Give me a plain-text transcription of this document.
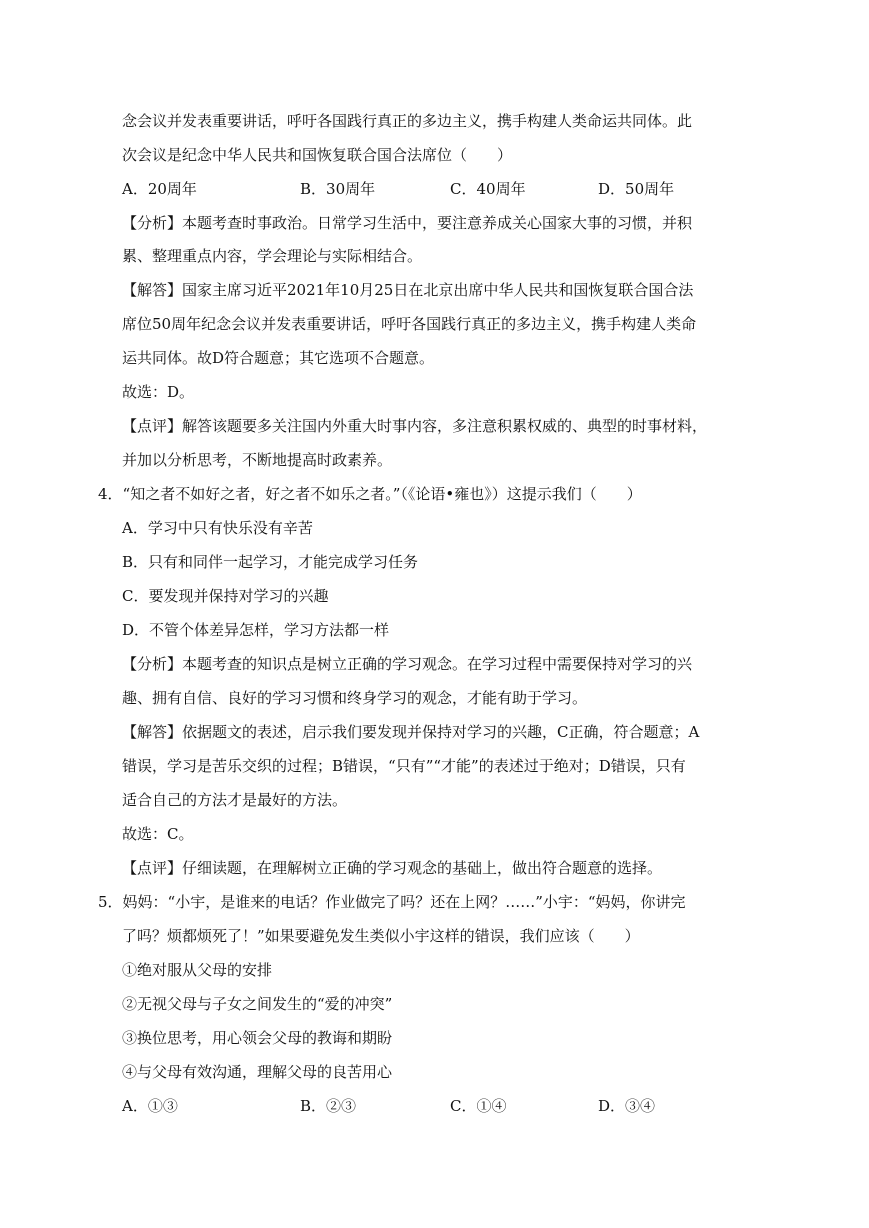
念会议并发表重要讲话，呼吁各国践行真正的多边主义，携手构建人类命运共同体。此
次会议是纪念中华人民共和国恢复联合国合法席位（　　）
A．20周年	B．30周年	C．40周年	D．50周年
【分析】本题考查时事政治。日常学习生活中，要注意养成关心国家大事的习惯，并积
累、整理重点内容，学会理论与实际相结合。
【解答】国家主席习近平2021年10月25日在北京出席中华人民共和国恢复联合国合法
席位50周年纪念会议并发表重要讲话，呼吁各国践行真正的多边主义，携手构建人类命
运共同体。故D符合题意；其它选项不合题意。
故选：D。
【点评】解答该题要多关注国内外重大时事内容，多注意积累权威的、典型的时事材料，
并加以分析思考，不断地提高时政素养。
4．“知之者不如好之者，好之者不如乐之者。”（《论语•雍也》）这提示我们（　　）
A．学习中只有快乐没有辛苦
B．只有和同伴一起学习，才能完成学习任务
C．要发现并保持对学习的兴趣
D．不管个体差异怎样，学习方法都一样
【分析】本题考查的知识点是树立正确的学习观念。在学习过程中需要保持对学习的兴
趣、拥有自信、良好的学习习惯和终身学习的观念，才能有助于学习。
【解答】依据题文的表述，启示我们要发现并保持对学习的兴趣，C正确，符合题意；A
错误，学习是苦乐交织的过程；B错误，“只有”“才能”的表述过于绝对；D错误，只有
适合自己的方法才是最好的方法。
故选：C。
【点评】仔细读题，在理解树立正确的学习观念的基础上，做出符合题意的选择。
5．妈妈：“小宇，是谁来的电话？作业做完了吗？还在上网？……”小宇：“妈妈，你讲完
了吗？烦都烦死了！”如果要避免发生类似小宇这样的错误，我们应该（　　）
①绝对服从父母的安排
②无视父母与子女之间发生的“爱的冲突”
③换位思考，用心领会父母的教诲和期盼
④与父母有效沟通，理解父母的良苦用心
A．①③	B．②③	C．①④	D．③④
